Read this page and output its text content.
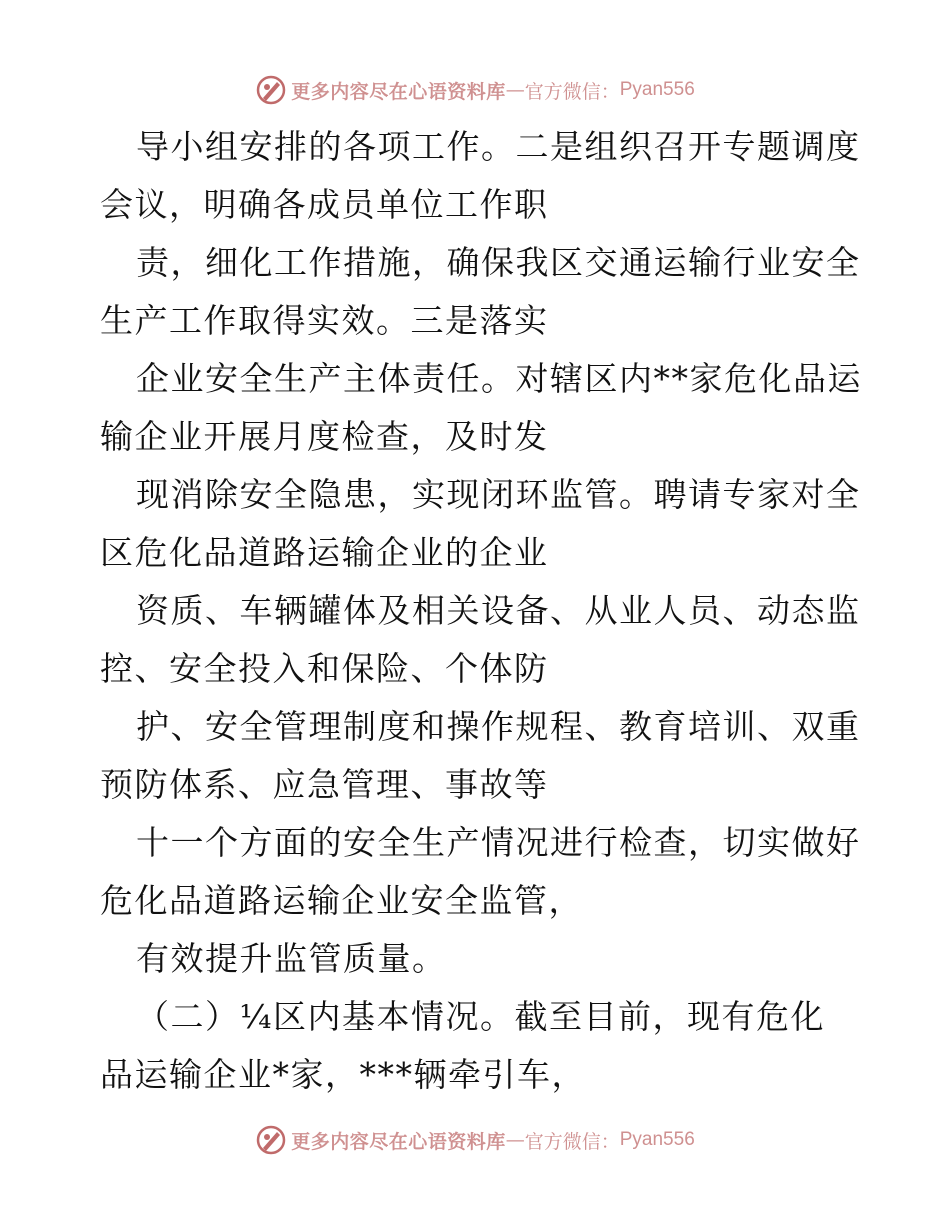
更多内容尽在心语资料库 — 官方微信： Pyan556
导小组安排的各项工作。二是组织召开专题调度
会议，明确各成员单位工作职
责，细化工作措施，确保我区交通运输行业安全
生产工作取得实效。三是落实
企业安全生产主体责任。对辖区内**家危化品运
输企业开展月度检查，及时发
现消除安全隐患，实现闭环监管。聘请专家对全
区危化品道路运输企业的企业
资质、车辆罐体及相关设备、从业人员、动态监
控、安全投入和保险、个体防
护、安全管理制度和操作规程、教育培训、双重
预防体系、应急管理、事故等
十一个方面的安全生产情况进行检查，切实做好
危化品道路运输企业安全监管，
有效提升监管质量。
（二）¼区内基本情况。截至目前，现有危化
品运输企业*家，***辆牵引车，
更多内容尽在心语资料库 — 官方微信： Pyan556
